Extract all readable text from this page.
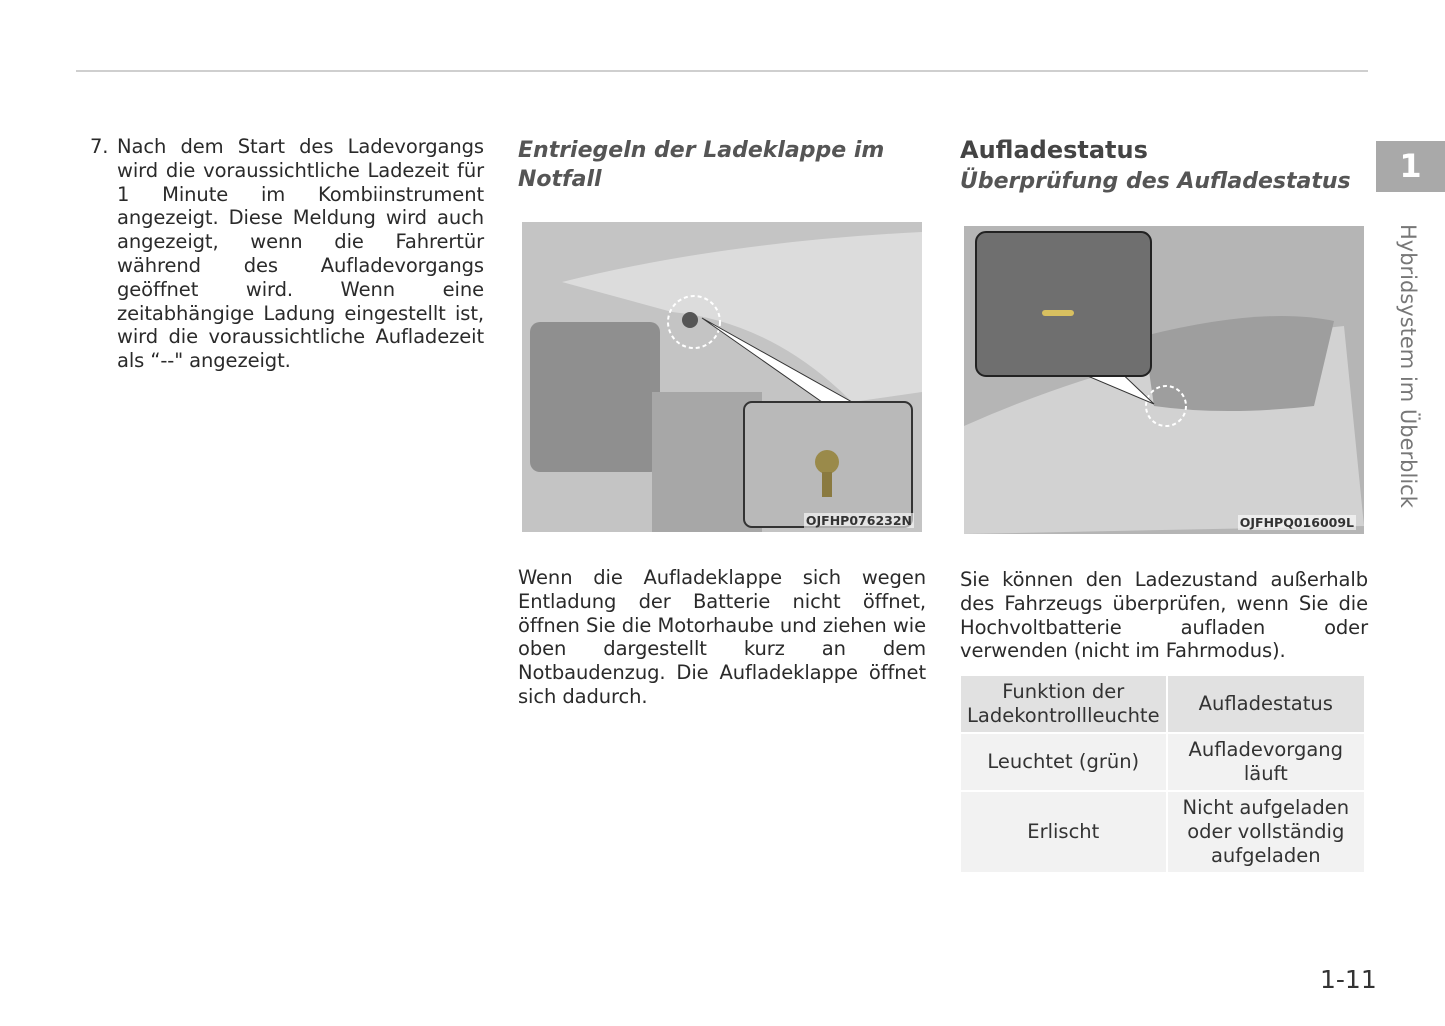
7. Nach dem Start des Ladevorgangs wird die voraussichtliche Ladezeit für 1 Minute im Kombiinstrument angezeigt. Diese Meldung wird auch angezeigt, wenn die Fahrertür während des Aufladevorgangs geöffnet wird. Wenn eine zeitabhängige Ladung eingestellt ist, wird die voraussichtliche Aufladezeit als “--" angezeigt.
Entriegeln der Ladeklappe im Notfall
OJFHP076232N

Wenn die Aufladeklappe sich wegen Entladung der Batterie nicht öffnet, öffnen Sie die Motorhaube und ziehen wie oben dargestellt kurz an dem Notbaudenzug. Die Aufladeklappe öffnet sich dadurch.

Aufladestatus
Überprüfung des Aufladestatus
OJFHPQ016009L

Sie können den Ladezustand außerhalb des Fahrzeugs überprüfen, wenn Sie die Hochvoltbatterie aufladen oder verwenden (nicht im Fahrmodus).

Funktion der Ladekontrollleuchte	Aufladestatus
Leuchtet (grün)	Aufladevorgang läuft
Erlischt	Nicht aufgeladen oder vollständig aufgeladen
1
Hybridsystem im Überblick
1-11
